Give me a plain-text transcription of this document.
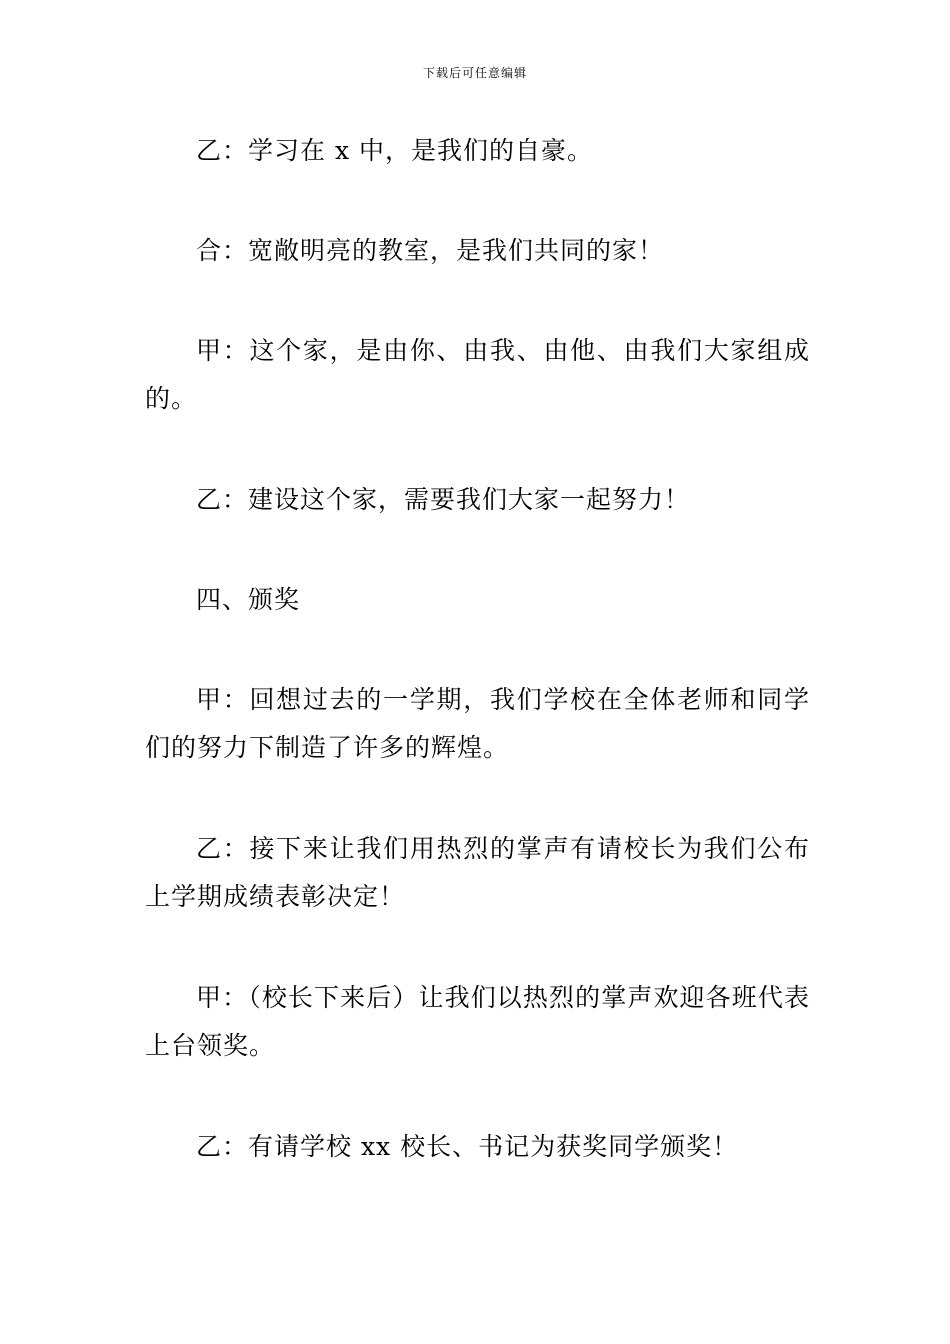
下载后可任意编辑

乙：学习在 x 中，是我们的自豪。

合：宽敞明亮的教室，是我们共同的家！

甲：这个家，是由你、由我、由他、由我们大家组成的。

乙：建设这个家，需要我们大家一起努力！

四、颁奖

甲：回想过去的一学期，我们学校在全体老师和同学们的努力下制造了许多的辉煌。

乙：接下来让我们用热烈的掌声有请校长为我们公布上学期成绩表彰决定！

甲：（校长下来后）让我们以热烈的掌声欢迎各班代表上台领奖。

乙：有请学校 xx 校长、书记为获奖同学颁奖！
